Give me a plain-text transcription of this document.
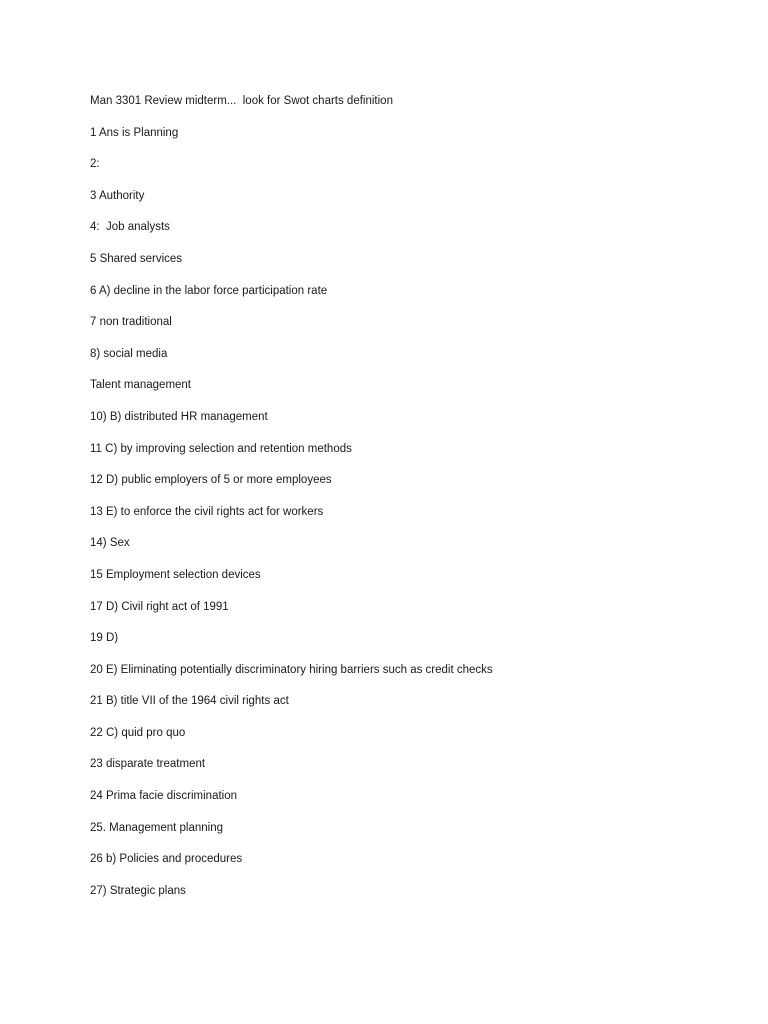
Man 3301 Review midterm...  look for Swot charts definition
1 Ans is Planning
2:
3 Authority
4:  Job analysts
5 Shared services
6 A) decline in the labor force participation rate
7 non traditional
8) social media
Talent management
10) B) distributed HR management
11 C) by improving selection and retention methods
12 D) public employers of 5 or more employees
13 E) to enforce the civil rights act for workers
14) Sex
15 Employment selection devices
17 D) Civil right act of 1991
19 D)
20 E) Eliminating potentially discriminatory hiring barriers such as credit checks
21 B) title VII of the 1964 civil rights act
22 C) quid pro quo
23 disparate treatment
24 Prima facie discrimination
25. Management planning
26 b) Policies and procedures
27) Strategic plans
